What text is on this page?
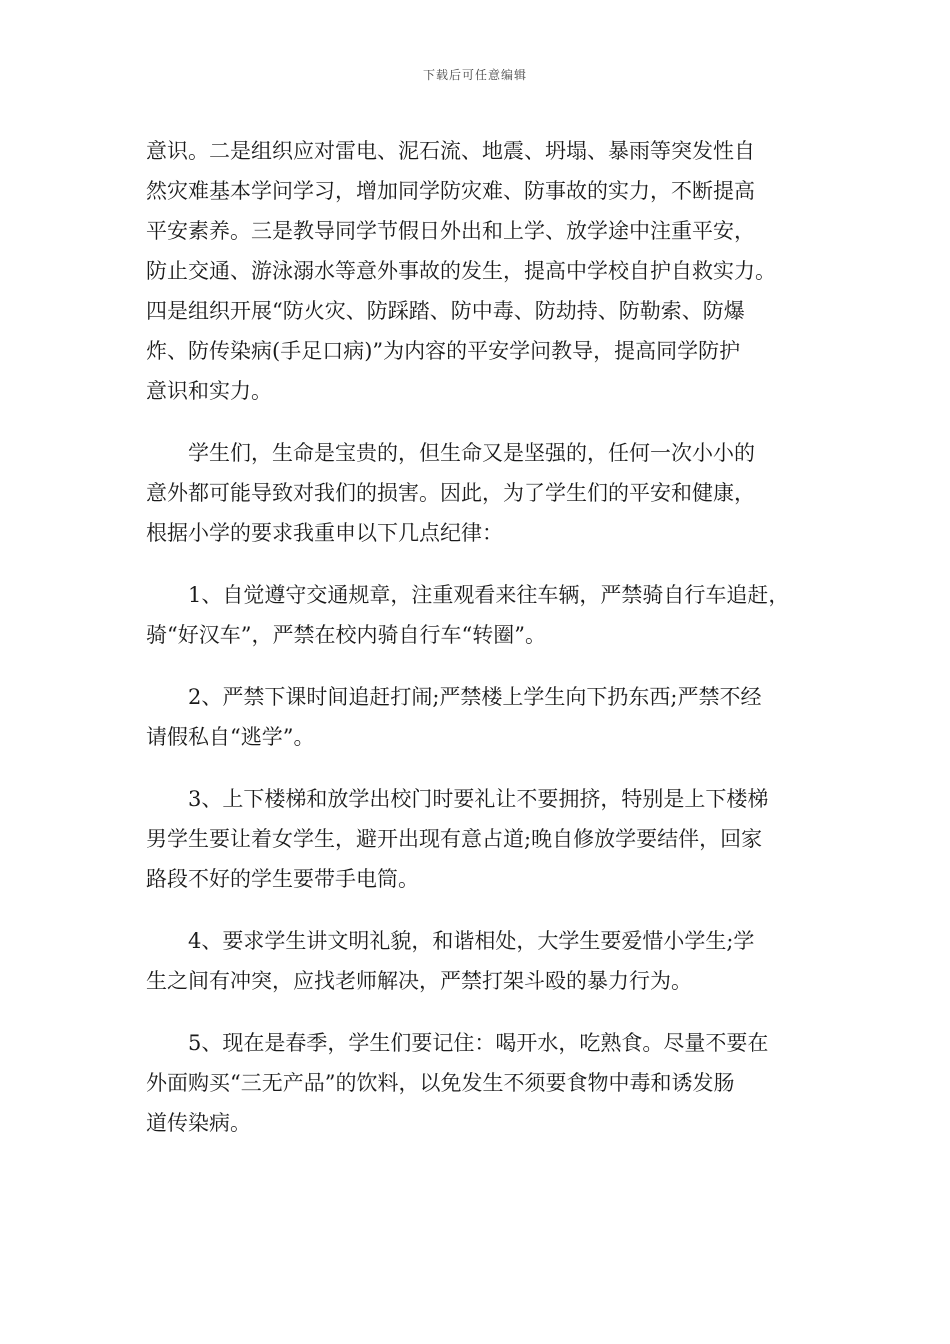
下载后可任意编辑
意识。二是组织应对雷电、泥石流、地震、坍塌、暴雨等突发性自
然灾难基本学问学习，增加同学防灾难、防事故的实力，不断提高
平安素养。三是教导同学节假日外出和上学、放学途中注重平安，
防止交通、游泳溺水等意外事故的发生，提高中学校自护自救实力。
四是组织开展“防火灾、防踩踏、防中毒、防劫持、防勒索、防爆
炸、防传染病(手足口病)”为内容的平安学问教导，提高同学防护
意识和实力。
　　学生们，生命是宝贵的，但生命又是坚强的，任何一次小小的
意外都可能导致对我们的损害。因此，为了学生们的平安和健康，
根据小学的要求我重申以下几点纪律：
　　1、自觉遵守交通规章，注重观看来往车辆，严禁骑自行车追赶，
骑“好汉车”，严禁在校内骑自行车“转圈”。
　　2、严禁下课时间追赶打闹;严禁楼上学生向下扔东西;严禁不经
请假私自“逃学”。
　　3、上下楼梯和放学出校门时要礼让不要拥挤，特别是上下楼梯
男学生要让着女学生，避开出现有意占道;晚自修放学要结伴，回家
路段不好的学生要带手电筒。
　　4、要求学生讲文明礼貌，和谐相处，大学生要爱惜小学生;学
生之间有冲突，应找老师解决，严禁打架斗殴的暴力行为。
　　5、现在是春季，学生们要记住：喝开水，吃熟食。尽量不要在
外面购买“三无产品”的饮料，以免发生不须要食物中毒和诱发肠
道传染病。
